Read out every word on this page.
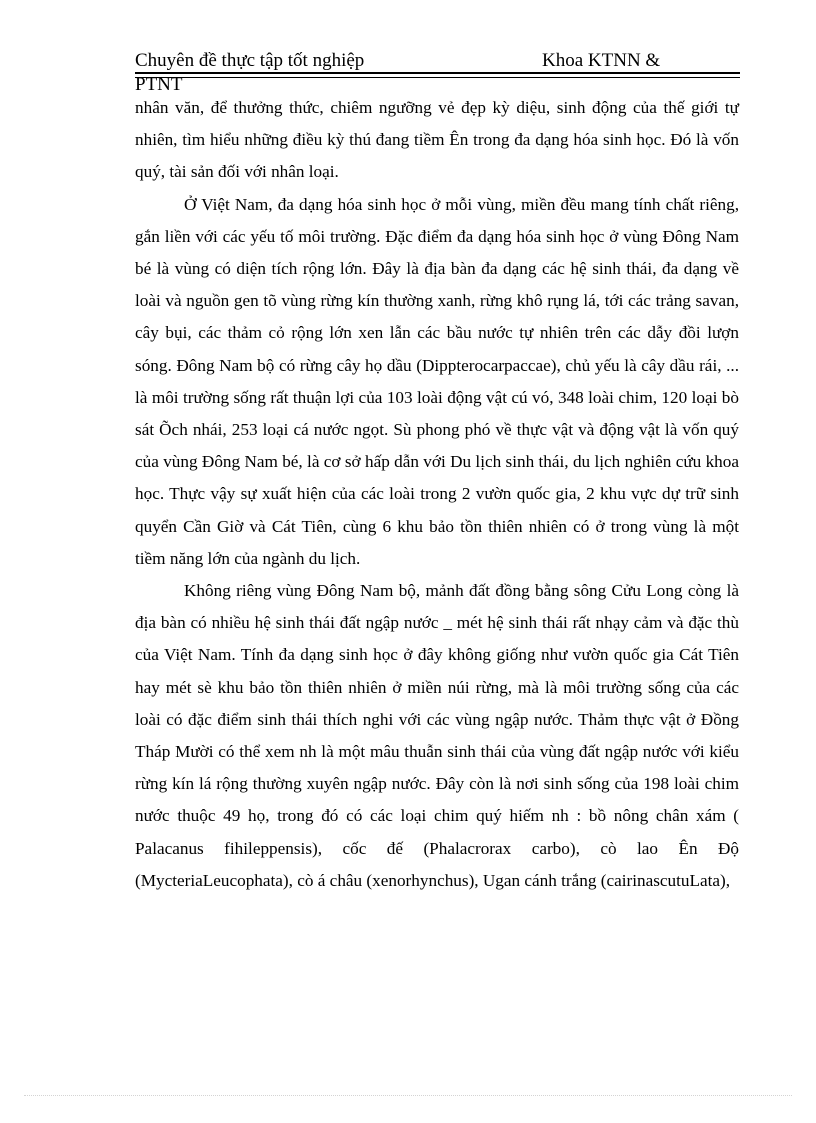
Chuyên đề thực tập tốt nghiệp	Khoa KTNN &
PTNT

nhân văn, để thưởng thức, chiêm ngưỡng vẻ đẹp kỳ diệu, sinh động của thế giới tự nhiên, tìm hiểu những điều kỳ thú đang tiềm Ên trong đa dạng hóa sinh học. Đó là vốn quý, tài sản đối với nhân loại.

Ở Việt Nam, đa dạng hóa sinh học ở mỗi vùng, miền đều mang tính chất riêng, gắn liền với các yếu tố môi trường. Đặc điểm đa dạng hóa sinh học ở vùng Đông Nam bé là vùng có diện tích rộng lớn. Đây là địa bàn đa dạng các hệ sinh thái, đa dạng về loài và nguồn gen tõ vùng rừng kín thường xanh, rừng khô rụng lá, tới các trảng savan, cây bụi, các thảm cỏ rộng lớn xen lẫn các bầu nước tự nhiên trên các dẫy đồi lượn sóng. Đông Nam bộ có rừng cây họ dầu (Dippterocarpaccae), chủ yếu là cây dầu rái, ... là môi trường sống rất thuận lợi của 103 loài động vật cú vó, 348 loài chim, 120 loại bò sát Õch nhái, 253 loại cá nước ngọt. Sù phong phó về thực vật và động vật là vốn quý của vùng Đông Nam bé, là cơ sở hấp dẫn với Du lịch sinh thái, du lịch nghiên cứu khoa học. Thực vậy sự xuất hiện của các loài trong 2 vườn quốc gia, 2 khu vực dự trữ sinh quyển Cần Giờ và Cát Tiên, cùng 6 khu bảo tồn thiên nhiên có ở trong vùng là một tiềm năng lớn của ngành du lịch.

Không riêng vùng Đông Nam bộ, mảnh đất đồng bằng sông Cửu Long còng là địa bàn có nhiều hệ sinh thái đất ngập nước _ mét hệ sinh thái rất nhạy cảm và đặc thù của Việt Nam. Tính đa dạng sinh học ở đây không giống như vườn quốc gia Cát Tiên hay mét sè khu bảo tồn thiên nhiên ở miền núi rừng, mà là môi trường sống của các loài có đặc điểm sinh thái thích nghi với các vùng ngập nước. Thảm thực vật ở Đồng Tháp Mười có thể xem nh là một mâu thuẫn sinh thái của vùng đất ngập nước với kiểu rừng kín lá rộng thường xuyên ngập nước. Đây còn là nơi sinh sống của 198 loài chim nước thuộc 49 họ, trong đó có các loại chim quý hiếm nh : bồ nông chân xám ( Palacanus fihileppensis), cốc đế (Phalacrorax carbo), cò lao Ên Độ (MycteriaLeucophata), cò á châu (xenorhynchus), Ugan cánh trắng (cairinascutuLata),
